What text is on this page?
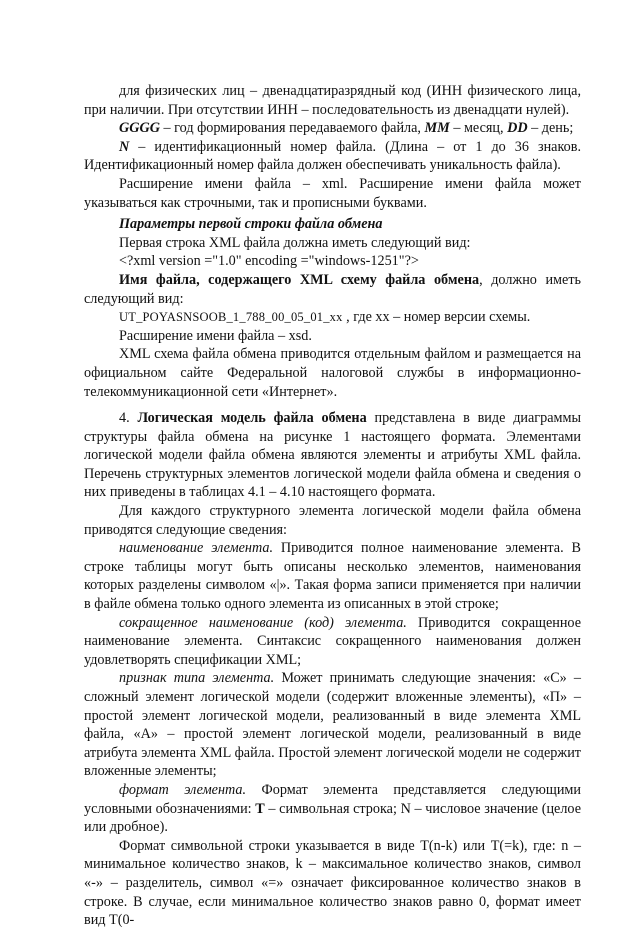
для физических лиц – двенадцатиразрядный код (ИНН физического лица, при наличии. При отсутствии ИНН – последовательность из двенадцати нулей).

GGGG – год формирования передаваемого файла, MM – месяц, DD – день;

N – идентификационный номер файла. (Длина – от 1 до 36 знаков. Идентификационный номер файла должен обеспечивать уникальность файла).

Расширение имени файла – xml. Расширение имени файла может указываться как строчными, так и прописными буквами.

Параметры первой строки файла обмена

Первая строка XML файла должна иметь следующий вид:

<?xml version ="1.0" encoding ="windows-1251"?>

Имя файла, содержащего XML схему файла обмена, должно иметь следующий вид:

UT_POYASNSOOB_1_788_00_05_01_xx , где хх – номер версии схемы.

Расширение имени файла – xsd.

XML схема файла обмена приводится отдельным файлом и размещается на официальном сайте Федеральной налоговой службы в информационно-телекоммуникационной сети «Интернет».

4. Логическая модель файла обмена представлена в виде диаграммы структуры файла обмена на рисунке 1 настоящего формата. Элементами логической модели файла обмена являются элементы и атрибуты XML файла. Перечень структурных элементов логической модели файла обмена и сведения о них приведены в таблицах 4.1 – 4.10 настоящего формата.

Для каждого структурного элемента логической модели файла обмена приводятся следующие сведения:

наименование элемента. Приводится полное наименование элемента. В строке таблицы могут быть описаны несколько элементов, наименования которых разделены символом «|». Такая форма записи применяется при наличии в файле обмена только одного элемента из описанных в этой строке;

сокращенное наименование (код) элемента. Приводится сокращенное наименование элемента. Синтаксис сокращенного наименования должен удовлетворять спецификации XML;

признак типа элемента. Может принимать следующие значения: «С» – сложный элемент логической модели (содержит вложенные элементы), «П» – простой элемент логической модели, реализованный в виде элемента XML файла, «А» – простой элемент логической модели, реализованный в виде атрибута элемента XML файла. Простой элемент логической модели не содержит вложенные элементы;

формат элемента. Формат элемента представляется следующими условными обозначениями: Т – символьная строка; N – числовое значение (целое или дробное).

Формат символьной строки указывается в виде Т(n-k) или Т(=k), где: n – минимальное количество знаков, k – максимальное количество знаков, символ «-» – разделитель, символ «=» означает фиксированное количество знаков в строке. В случае, если минимальное количество знаков равно 0, формат имеет вид Т(0-
